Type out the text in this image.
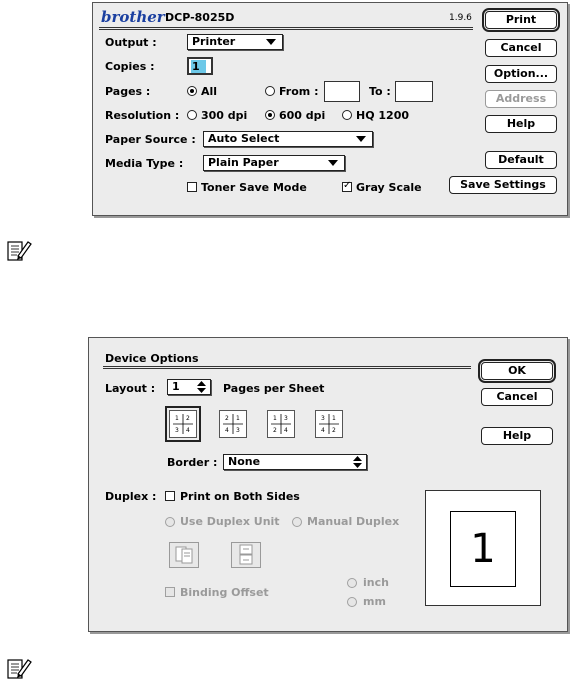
brother DCP-8025D	1.9.6
Output :	Printer
Copies :	1
Pages :	All	From :	To :
Resolution : 300 dpi	600 dpi	HQ 1200
Paper Source :	Auto Select
Media Type :	Plain Paper
Toner Save Mode
✓	Gray Scale
Print
Cancel
Option...
Address
Help
Default
Save Settings
Device Options
Layout :	1	Pages per Sheet
1 2
3 4
2 1
4 3
1 3
2 4
3 1
4 2
Border : None
Duplex : Print on Both Sides
Use Duplex Unit Manual Duplex
Binding Offset
inch
mm
1
OK
Cancel
Help
